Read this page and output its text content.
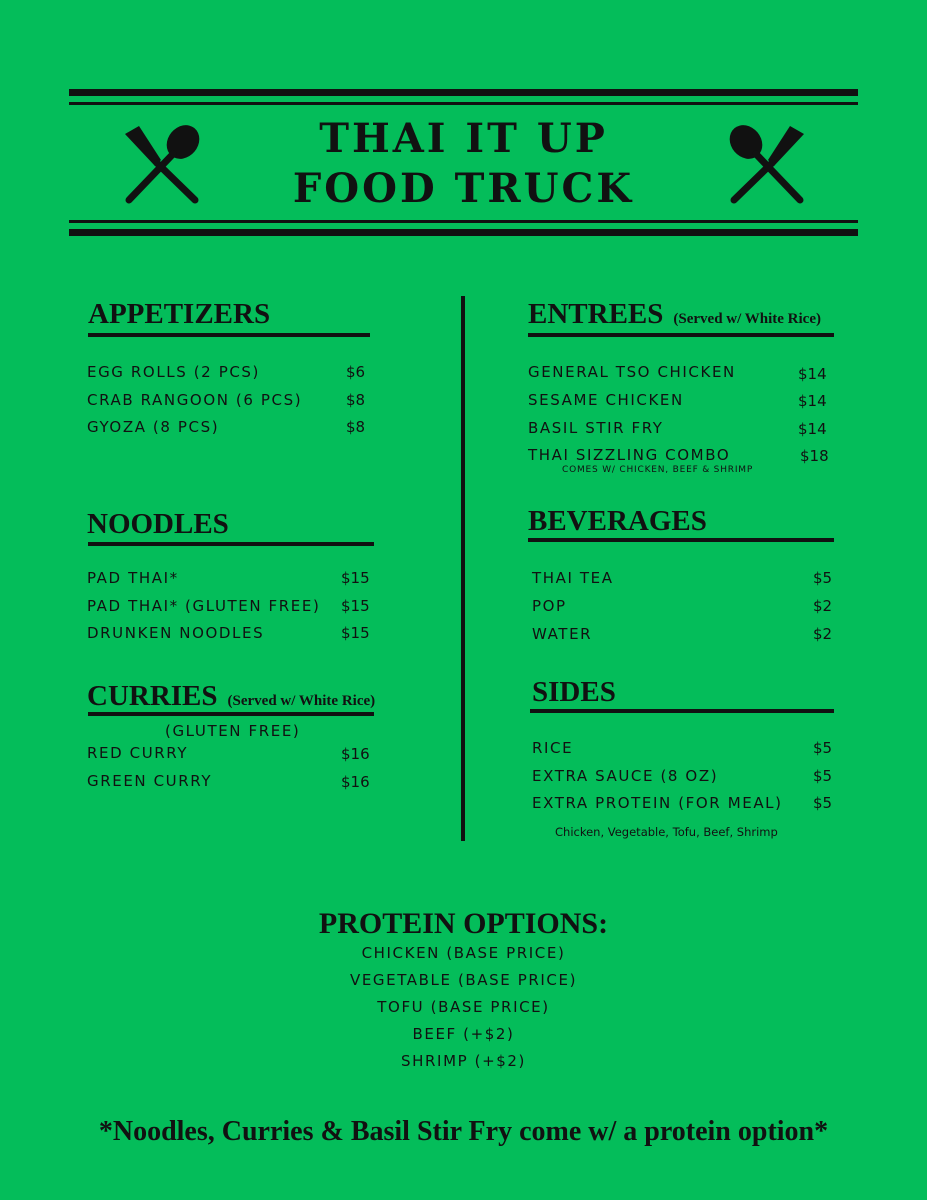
THAI IT UP
FOOD TRUCK
APPETIZERS
EGG ROLLS (2 PCS)	$6
CRAB RANGOON (6 PCS)	$8
GYOZA (8 PCS)	$8
NOODLES
PAD THAI*	$15
PAD THAI* (GLUTEN FREE) $15
DRUNKEN NOODLES	$15
CURRIES (Served w/ White Rice)
(GLUTEN FREE)
RED CURRY	$16
GREEN CURRY	$16
ENTREES (Served w/ White Rice)
GENERAL TSO CHICKEN	$14
SESAME CHICKEN	$14
BASIL STIR FRY	$14
THAI SIZZLING COMBO	$18
COMES W/ CHICKEN, BEEF & SHRIMP
BEVERAGES
THAI TEA	$5
POP	$2
WATER	$2
SIDES
RICE	$5
EXTRA SAUCE (8 OZ)	$5
EXTRA PROTEIN (FOR MEAL) $5
Chicken, Vegetable, Tofu, Beef, Shrimp
PROTEIN OPTIONS:
CHICKEN (BASE PRICE)
VEGETABLE (BASE PRICE)
TOFU (BASE PRICE)
BEEF (+$2)
SHRIMP (+$2)
*Noodles, Curries & Basil Stir Fry come w/ a protein option*
